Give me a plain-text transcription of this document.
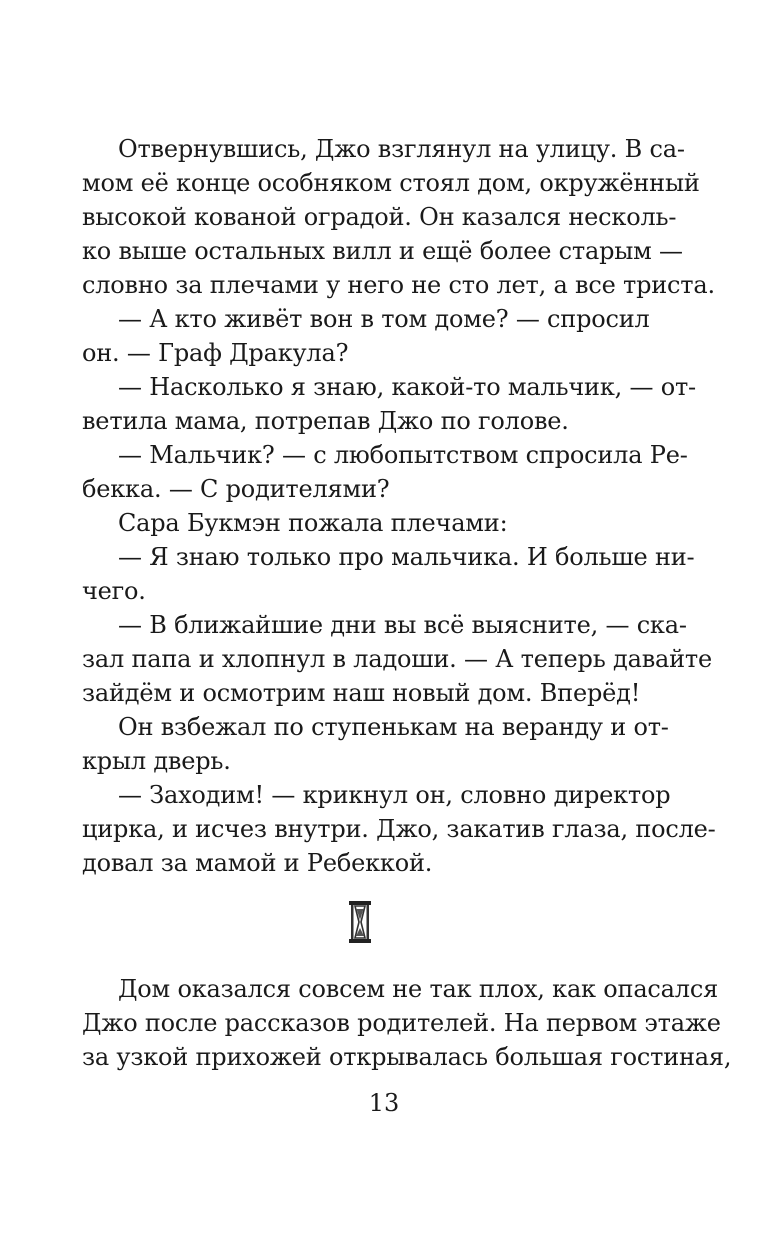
Отвернувшись, Джо взглянул на улицу. В са-
мом её конце особняком стоял дом, окружённый
высокой кованой оградой. Он казался несколь-
ко выше остальных вилл и ещё более старым —
словно за плечами у него не сто лет, а все триста.
— А кто живёт вон в том доме? — спросил
он. — Граф Дракула?
— Насколько я знаю, какой-то мальчик, — от-
ветила мама, потрепав Джо по голове.
— Мальчик? — с любопытством спросила Ре-
бекка. — С родителями?
Сара Букмэн пожала плечами:
— Я знаю только про мальчика. И больше ни-
чего.
— В ближайшие дни вы всё выясните, — ска-
зал папа и хлопнул в ладоши. — А теперь давайте
зайдём и осмотрим наш новый дом. Вперёд!
Он взбежал по ступенькам на веранду и от-
крыл дверь.
— Заходим! — крикнул он, словно директор
цирка, и исчез внутри. Джо, закатив глаза, после-
довал за мамой и Ребеккой.
Дом оказался совсем не так плох, как опасался
Джо после рассказов родителей. На первом этаже
за узкой прихожей открывалась большая гостиная,
13
